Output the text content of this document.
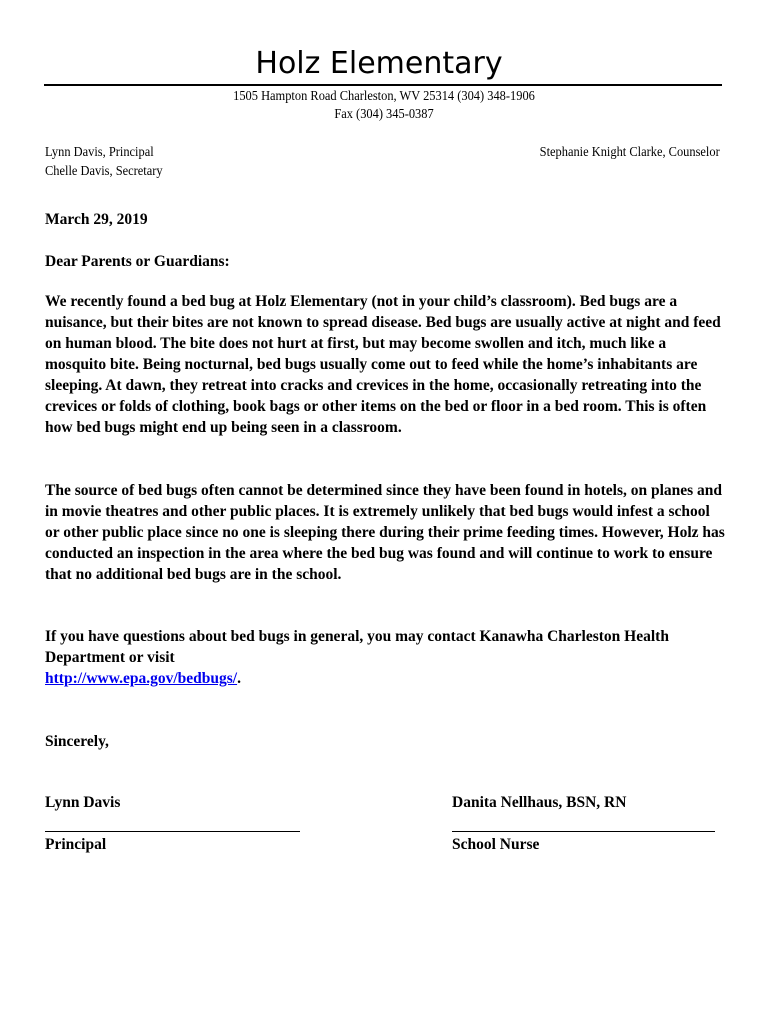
Holz Elementary
1505 Hampton Road Charleston, WV 25314 (304) 348-1906
Fax (304) 345-0387
Lynn Davis, Principal
Chelle Davis, Secretary
Stephanie Knight Clarke, Counselor

March 29, 2019

Dear Parents or Guardians:

We recently found a bed bug at Holz Elementary (not in your child’s classroom). Bed bugs are a nuisance, but their bites are not known to spread disease. Bed bugs are usually active at night and feed on human blood. The bite does not hurt at first, but may become swollen and itch, much like a mosquito bite. Being nocturnal, bed bugs usually come out to feed while the home’s inhabitants are sleeping. At dawn, they retreat into cracks and crevices in the home, occasionally retreating into the crevices or folds of clothing, book bags or other items on the bed or floor in a bed room. This is often how bed bugs might end up being seen in a classroom.

The source of bed bugs often cannot be determined since they have been found in hotels, on planes and in movie theatres and other public places. It is extremely unlikely that bed bugs would infest a school or other public place since no one is sleeping there during their prime feeding times. However, Holz has conducted an inspection in the area where the bed bug was found and will continue to work to ensure that no additional bed bugs are in the school.

If you have questions about bed bugs in general, you may contact Kanawha Charleston Health Department or visit
http://www.epa.gov/bedbugs/.

Sincerely,

Lynn Davis
Principal
Danita Nellhaus, BSN, RN
School Nurse
